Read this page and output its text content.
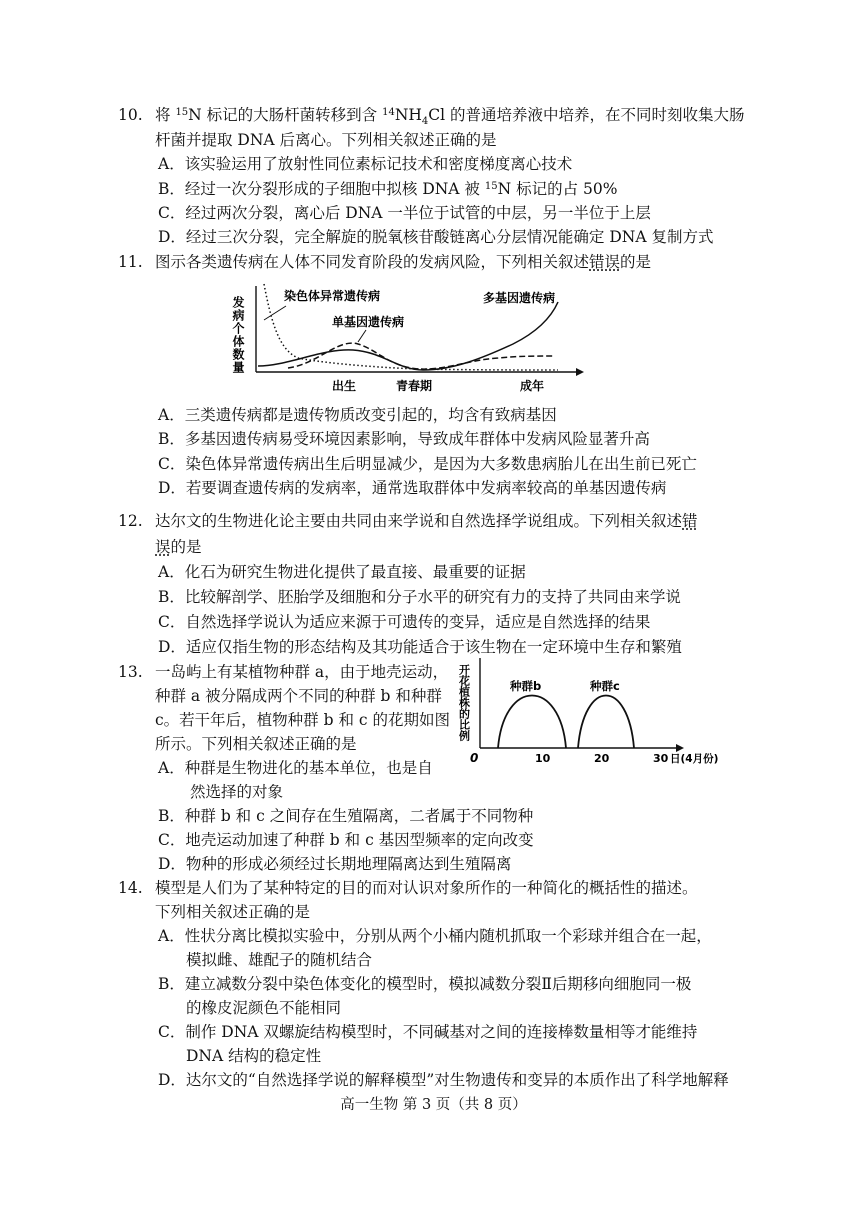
10. 将 $^{15}$N 标记的大肠杆菌转移到含 $^{14}NH_4Cl$ 的普通培养液中培养，在不同时刻收集大肠
杆菌并提取 DNA 后离心。下列相关叙述正确的是
A．该实验运用了放射性同位素标记技术和密度梯度离心技术
B．经过一次分裂形成的子细胞中拟核 DNA 被 $^{15}$N 标记的占 50%
C．经过两次分裂，离心后 DNA 一半位于试管的中层，另一半位于上层
D．经过三次分裂，完全解旋的脱氧核苷酸链离心分层情况能确定 DNA 复制方式
11. 图示各类遗传病在人体不同发育阶段的发病风险，下列相关叙述错误的是
发病个体数量	染色体异常遗传病
单基因遗传病
多基因遗传病
出生	青春期	成年
A．三类遗传病都是遗传物质改变引起的，均含有致病基因
B．多基因遗传病易受环境因素影响，导致成年群体中发病风险显著升高
C．染色体异常遗传病出生后明显减少，是因为大多数患病胎儿在出生前已死亡
D．若要调查遗传病的发病率，通常选取群体中发病率较高的单基因遗传病
12. 达尔文的生物进化论主要由共同由来学说和自然选择学说组成。下列相关叙述错
误的是
A．化石为研究生物进化提供了最直接、最重要的证据
B．比较解剖学、胚胎学及细胞和分子水平的研究有力的支持了共同由来学说
C．自然选择学说认为适应来源于可遗传的变异，适应是自然选择的结果
D．适应仅指生物的形态结构及其功能适合于该生物在一定环境中生存和繁殖
13. 一岛屿上有某植物种群 a，由于地壳运动，
种群 a 被分隔成两个不同的种群 b 和种群
c。若干年后，植物种群 b 和 c 的花期如图
所示。下列相关叙述正确的是
A．种群是生物进化的基本单位，也是自
然选择的对象
B．种群 b 和 c 之间存在生殖隔离，二者属于不同物种
C．地壳运动加速了种群 b 和 c 基因型频率的定向改变
D．物种的形成必须经过长期地理隔离达到生殖隔离
开花植株的比例	种群b	种群c
0	10	20	30 日(4月份)
14. 模型是人们为了某种特定的目的而对认识对象所作的一种简化的概括性的描述。
下列相关叙述正确的是
A．性状分离比模拟实验中，分别从两个小桶内随机抓取一个彩球并组合在一起，
模拟雌、雄配子的随机结合
B．建立减数分裂中染色体变化的模型时，模拟减数分裂Ⅱ后期移向细胞同一极
的橡皮泥颜色不能相同
C．制作 DNA 双螺旋结构模型时，不同碱基对之间的连接棒数量相等才能维持
DNA 结构的稳定性
D．达尔文的“自然选择学说的解释模型”对生物遗传和变异的本质作出了科学地解释
高一生物 第 3 页（共 8 页）
